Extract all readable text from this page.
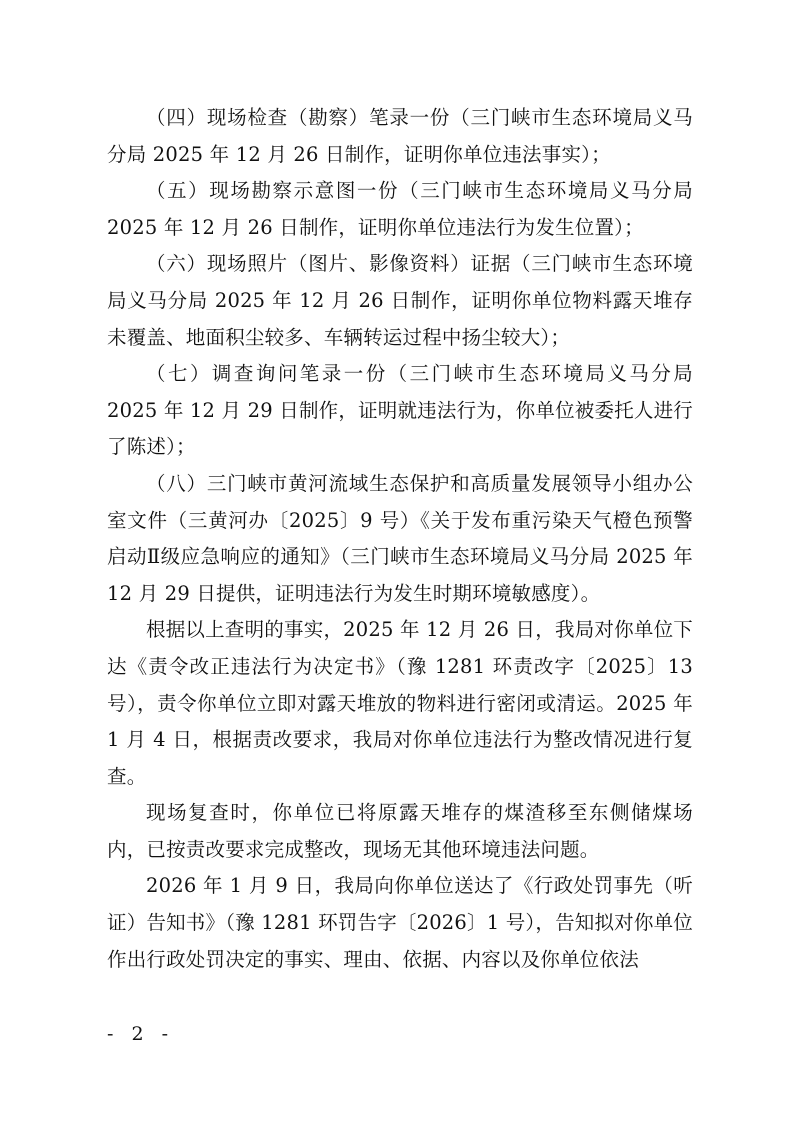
（四）现场检查（勘察）笔录一份（三门峡市生态环境局义马分局 2025 年 12 月 26 日制作，证明你单位违法事实）；

（五）现场勘察示意图一份（三门峡市生态环境局义马分局 2025 年 12 月 26 日制作，证明你单位违法行为发生位置）；

（六）现场照片（图片、影像资料）证据（三门峡市生态环境局义马分局 2025 年 12 月 26 日制作，证明你单位物料露天堆存未覆盖、地面积尘较多、车辆转运过程中扬尘较大）；

（七）调查询问笔录一份（三门峡市生态环境局义马分局 2025 年 12 月 29 日制作，证明就违法行为，你单位被委托人进行了陈述）；

（八）三门峡市黄河流域生态保护和高质量发展领导小组办公室文件（三黄河办〔2025〕9 号）《关于发布重污染天气橙色预警启动Ⅱ级应急响应的通知》（三门峡市生态环境局义马分局 2025 年 12 月 29 日提供，证明违法行为发生时期环境敏感度）。

根据以上查明的事实，2025 年 12 月 26 日，我局对你单位下达《责令改正违法行为决定书》（豫 1281 环责改字〔2025〕13 号），责令你单位立即对露天堆放的物料进行密闭或清运。2025 年 1 月 4 日，根据责改要求，我局对你单位违法行为整改情况进行复查。

现场复查时，你单位已将原露天堆存的煤渣移至东侧储煤场内，已按责改要求完成整改，现场无其他环境违法问题。

2026 年 1 月 9 日，我局向你单位送达了《行政处罚事先（听证）告知书》（豫 1281 环罚告字〔2026〕1 号），告知拟对你单位作出行政处罚决定的事实、理由、依据、内容以及你单位依法

- 2 -
